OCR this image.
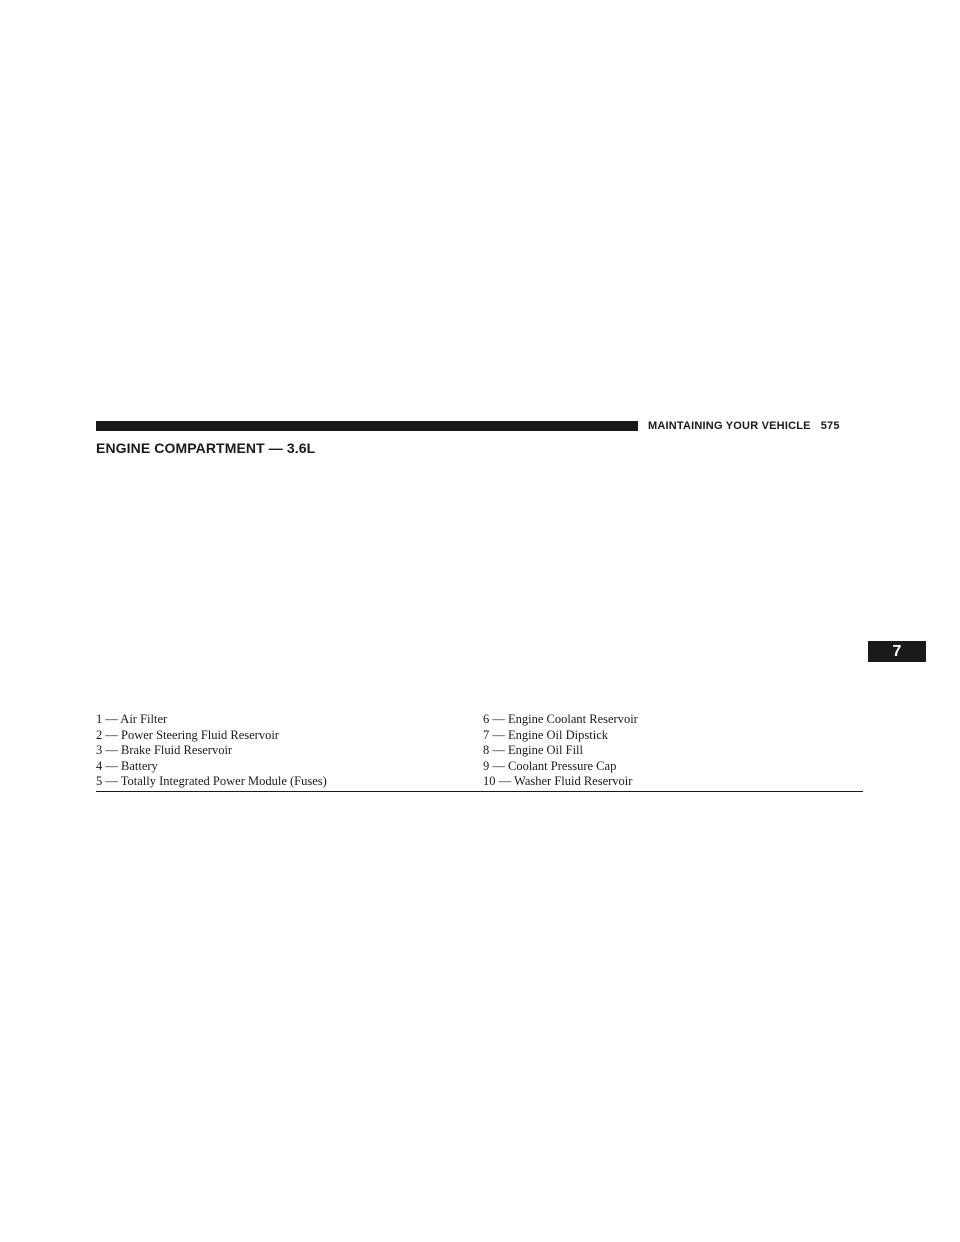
MAINTAINING YOUR VEHICLE 575
ENGINE COMPARTMENT — 3.6L
7
1 — Air Filter
2 — Power Steering Fluid Reservoir
3 — Brake Fluid Reservoir
4 — Battery
5 — Totally Integrated Power Module (Fuses)
6 — Engine Coolant Reservoir
7 — Engine Oil Dipstick
8 — Engine Oil Fill
9 — Coolant Pressure Cap
10 — Washer Fluid Reservoir
